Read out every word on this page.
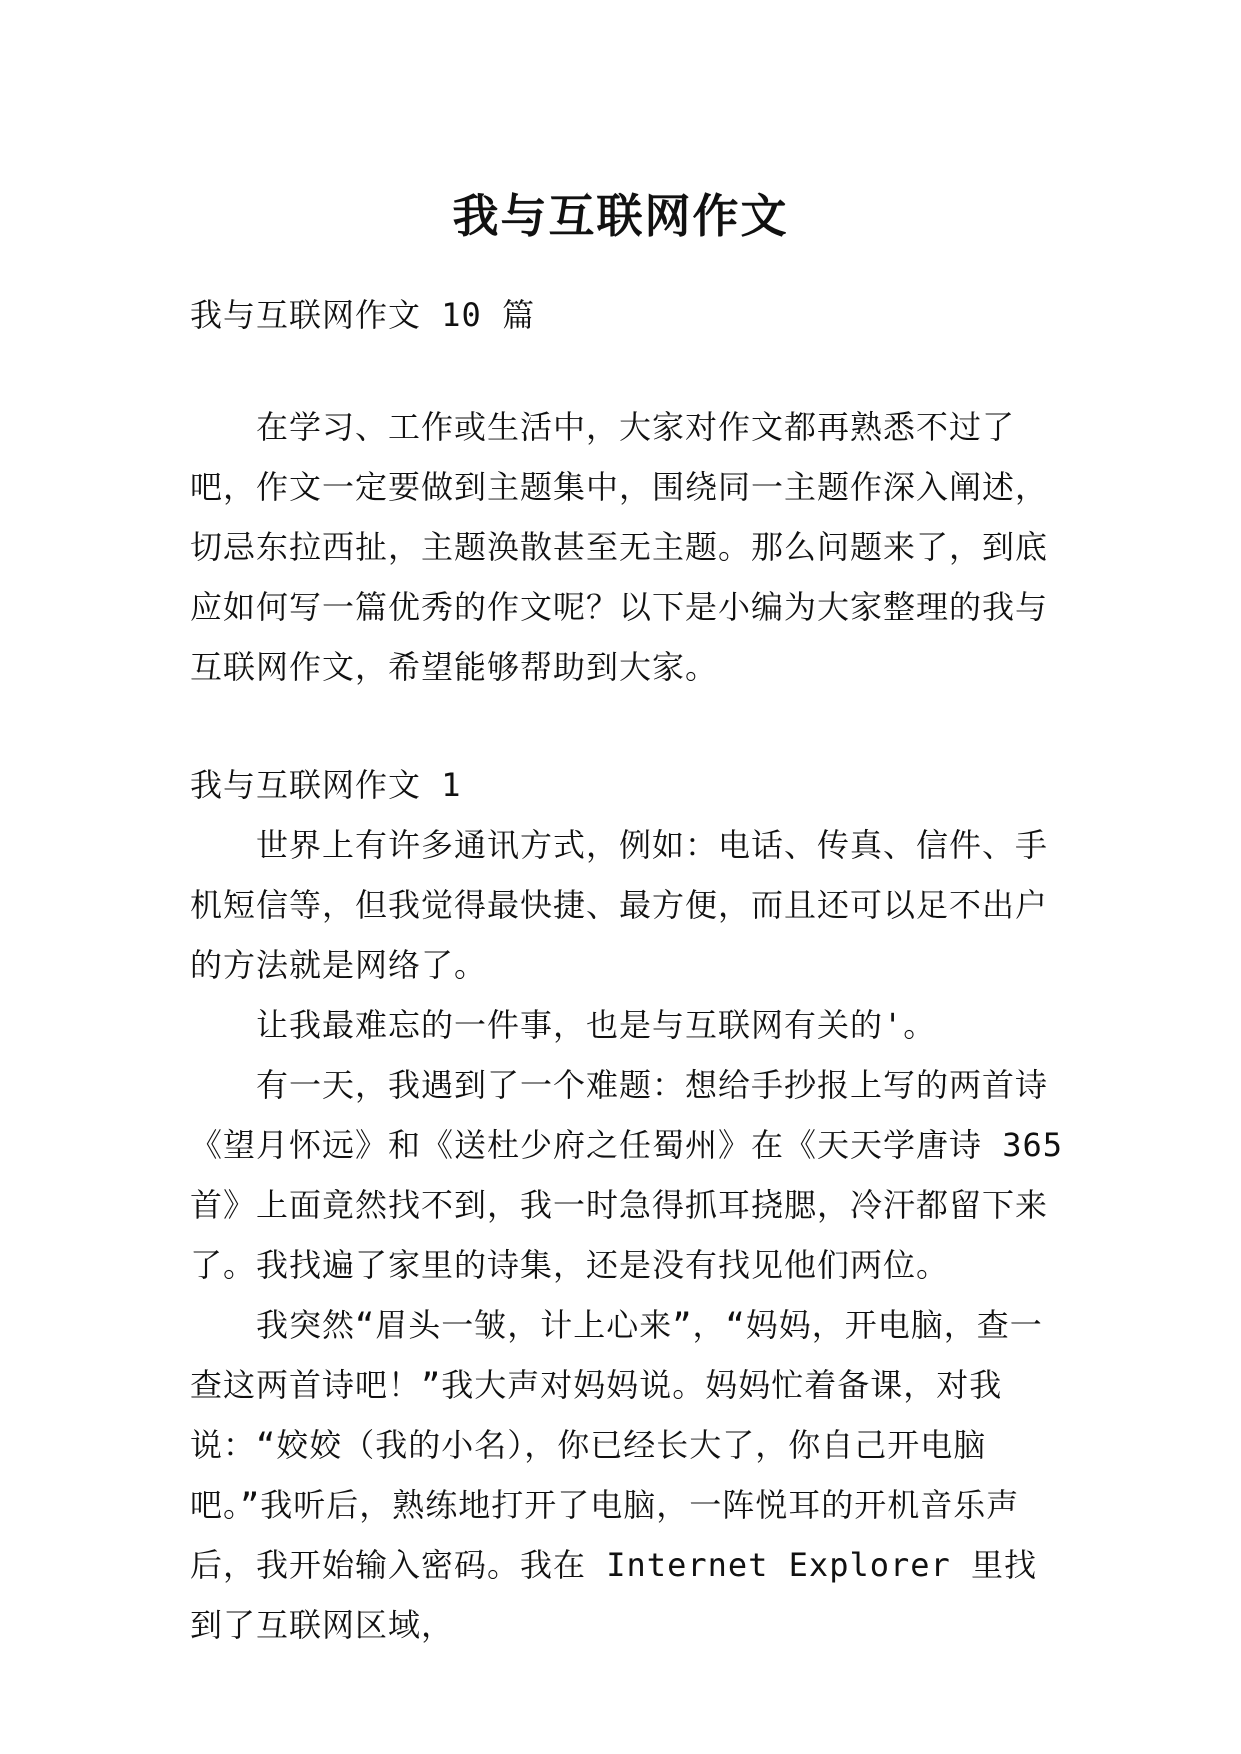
我与互联网作文
我与互联网作文 10 篇

在学习、工作或生活中，大家对作文都再熟悉不过了吧，作文一定要做到主题集中，围绕同一主题作深入阐述，切忌东拉西扯，主题涣散甚至无主题。那么问题来了，到底应如何写一篇优秀的作文呢？以下是小编为大家整理的我与互联网作文，希望能够帮助到大家。

我与互联网作文 1

世界上有许多通讯方式，例如：电话、传真、信件、手机短信等，但我觉得最快捷、最方便，而且还可以足不出户的方法就是网络了。

让我最难忘的一件事，也是与互联网有关的'。

有一天，我遇到了一个难题：想给手抄报上写的两首诗《望月怀远》和《送杜少府之任蜀州》在《天天学唐诗 365 首》上面竟然找不到，我一时急得抓耳挠腮，冷汗都留下来了。我找遍了家里的诗集，还是没有找见他们两位。

我突然“眉头一皱，计上心来”，“妈妈，开电脑，查一查这两首诗吧！”我大声对妈妈说。妈妈忙着备课，对我说：“姣姣（我的小名），你已经长大了，你自己开电脑吧。”我听后，熟练地打开了电脑，一阵悦耳的开机音乐声后，我开始输入密码。我在 Internet Explorer 里找到了互联网区域，
